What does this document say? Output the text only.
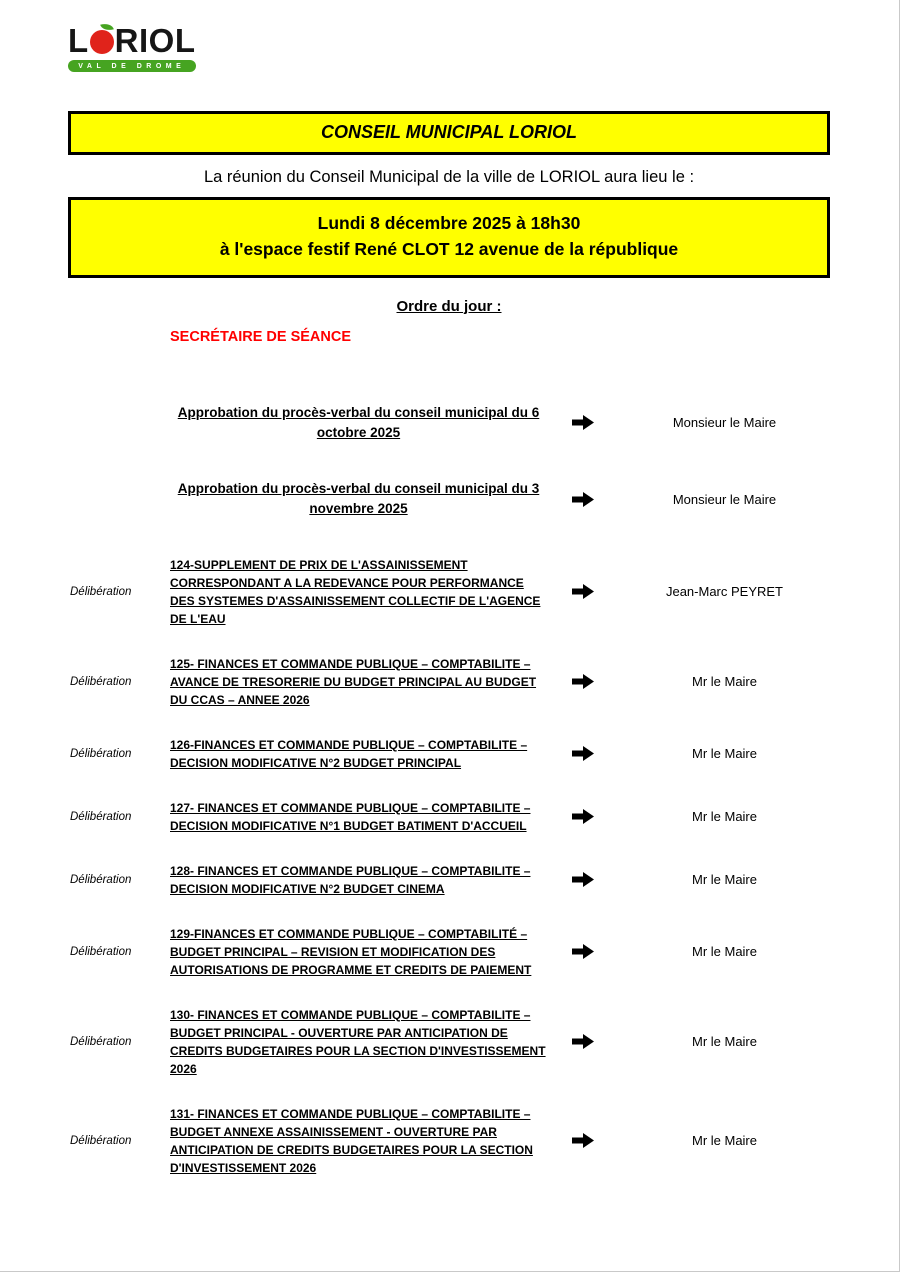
L RIOL
VAL DE DROME
CONSEIL MUNICIPAL LORIOL
La réunion du Conseil Municipal de la ville de LORIOL aura lieu le :
Lundi 8 décembre 2025 à 18h30
à l'espace festif René CLOT 12 avenue de la république
Ordre du jour :
SECRÉTAIRE DE SÉANCE
Approbation du procès-verbal du conseil municipal du 6 octobre 2025
Monsieur le Maire
Approbation du procès-verbal du conseil municipal du 3 novembre 2025
Monsieur le Maire
Délibération
124-SUPPLEMENT DE PRIX DE L'ASSAINISSEMENT CORRESPONDANT A LA REDEVANCE POUR PERFORMANCE DES SYSTEMES D'ASSAINISSEMENT COLLECTIF DE L'AGENCE DE L'EAU
Jean-Marc PEYRET
Délibération
125- FINANCES ET COMMANDE PUBLIQUE – COMPTABILITE – AVANCE DE TRESORERIE DU BUDGET PRINCIPAL AU BUDGET DU CCAS – ANNEE 2026
Mr le Maire
Délibération
126-FINANCES ET COMMANDE PUBLIQUE – COMPTABILITE – DECISION MODIFICATIVE N°2 BUDGET PRINCIPAL
Mr le Maire
Délibération
127- FINANCES ET COMMANDE PUBLIQUE – COMPTABILITE – DECISION MODIFICATIVE N°1 BUDGET BATIMENT D'ACCUEIL
Mr le Maire
Délibération
128- FINANCES ET COMMANDE PUBLIQUE – COMPTABILITE – DECISION MODIFICATIVE N°2 BUDGET CINEMA
Mr le Maire
Délibération
129-FINANCES ET COMMANDE PUBLIQUE – COMPTABILITÉ – BUDGET PRINCIPAL – REVISION ET MODIFICATION DES AUTORISATIONS DE PROGRAMME ET CREDITS DE PAIEMENT
Mr le Maire
Délibération
130- FINANCES ET COMMANDE PUBLIQUE – COMPTABILITE – BUDGET PRINCIPAL - OUVERTURE PAR ANTICIPATION DE CREDITS BUDGETAIRES POUR LA SECTION D'INVESTISSEMENT 2026
Mr le Maire
Délibération
131- FINANCES ET COMMANDE PUBLIQUE – COMPTABILITE – BUDGET ANNEXE ASSAINISSEMENT - OUVERTURE PAR ANTICIPATION DE CREDITS BUDGETAIRES POUR LA SECTION D'INVESTISSEMENT 2026
Mr le Maire
